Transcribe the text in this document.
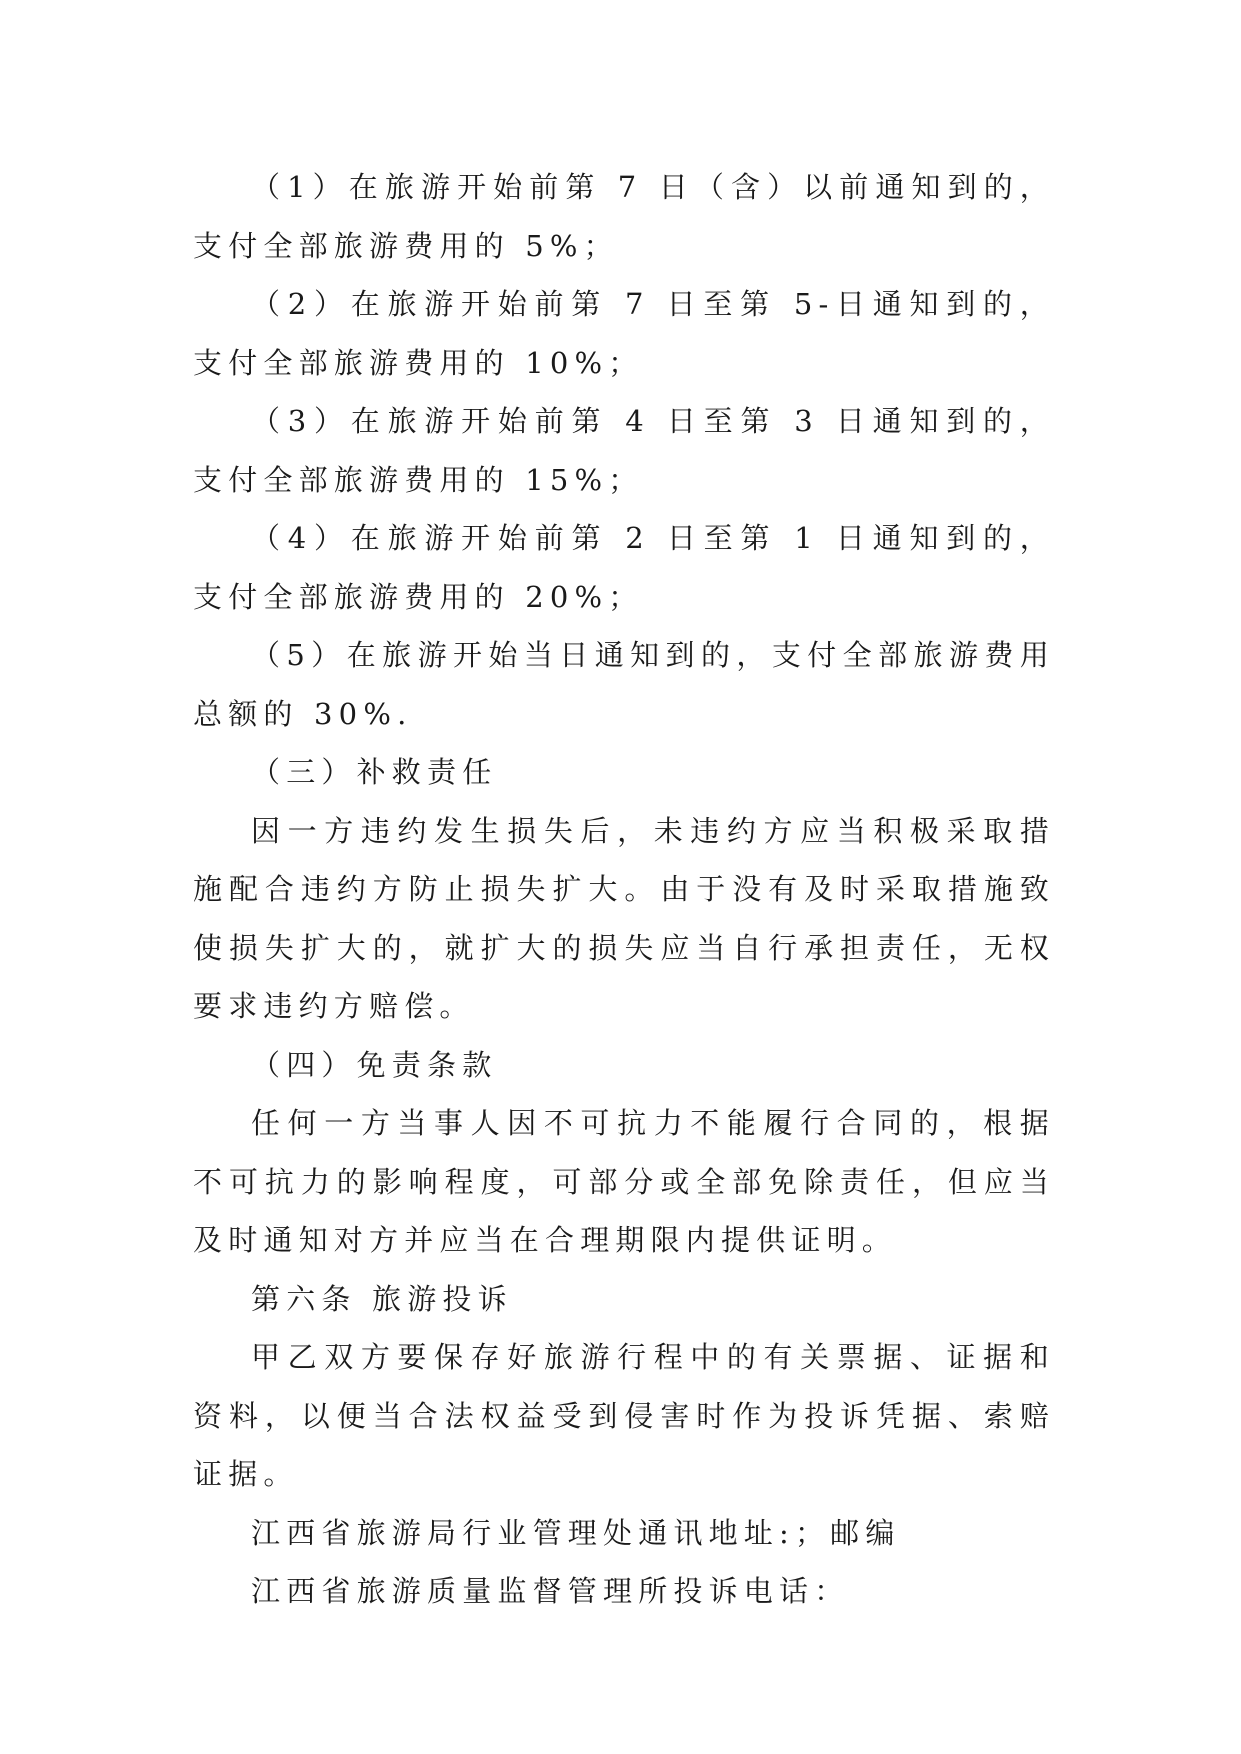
（1）在旅游开始前第 7 日（含）以前通知到的，支付全部旅游费用的 5%；

（2）在旅游开始前第 7 日至第 5-日通知到的，支付全部旅游费用的 10%；

（3）在旅游开始前第 4 日至第 3 日通知到的，支付全部旅游费用的 15%；

（4）在旅游开始前第 2 日至第 1 日通知到的，支付全部旅游费用的 20%；

（5）在旅游开始当日通知到的，支付全部旅游费用总额的 30%.

（三）补救责任

因一方违约发生损失后，未违约方应当积极采取措施配合违约方防止损失扩大。由于没有及时采取措施致使损失扩大的，就扩大的损失应当自行承担责任，无权要求违约方赔偿。

（四）免责条款

任何一方当事人因不可抗力不能履行合同的，根据不可抗力的影响程度，可部分或全部免除责任，但应当及时通知对方并应当在合理期限内提供证明。

第六条 旅游投诉

甲乙双方要保存好旅游行程中的有关票据、证据和资料，以便当合法权益受到侵害时作为投诉凭据、索赔证据。

江西省旅游局行业管理处通讯地址:；邮编

江西省旅游质量监督管理所投诉电话：
